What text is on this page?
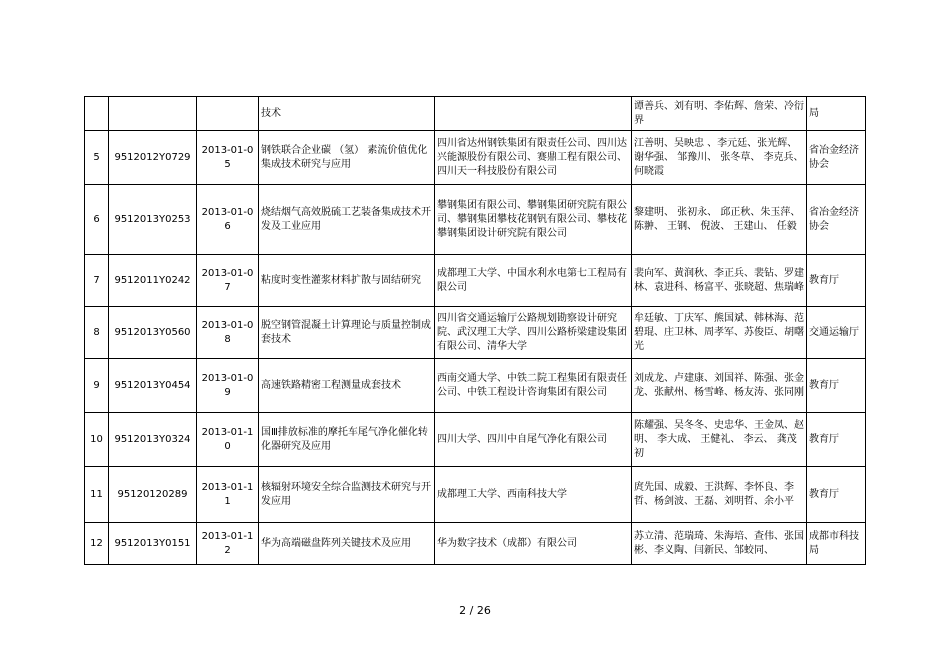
			技术		谭善兵、刘有明、李佑辉、詹荣、冷衍界	局
5	9512012Y0729	2013-01-05	钢铁联合企业碳 （氢） 素流价值优化集成技术研究与应用	四川省达州钢铁集团有限责任公司、四川达兴能源股份有限公司、赛鼎工程有限公司、四川天一科技股份有限公司	江善明、吴映忠 、李元廷、张光辉、谢华强、 邹豫川、 张冬草、 李克兵、何晓霞	省冶金经济协会
6	9512013Y0253	2013-01-06	烧结烟气高效脱硫工艺装备集成技术开发及工业应用	攀钢集团有限公司、攀钢集团研究院有限公司、攀钢集团攀枝花钢钒有限公司、攀枝花攀钢集团设计研究院有限公司	黎建明、 张初永、 邱正秋、朱玉萍、陈翀、 王钢、 倪波、 王建山、 任毅	省冶金经济协会
7	9512011Y0242	2013-01-07	粘度时变性灌浆材料扩散与固结研究	成都理工大学、中国水利水电第七工程局有限公司	裴向军、黄润秋、李正兵、裴钻、罗建林、袁进科、杨富平、张晓超、焦瑞峰	教育厅
8	9512013Y0560	2013-01-08	脱空钢管混凝土计算理论与质量控制成套技术	四川省交通运输厅公路规划勘察设计研究院、武汉理工大学、四川公路桥梁建设集团有限公司、清华大学	牟廷敏、丁庆军、熊国斌、韩林海、范碧琨、庄卫林、周孝军、苏俊臣、胡曙光	交通运输厅
9	9512013Y0454	2013-01-09	高速铁路精密工程测量成套技术	西南交通大学、中铁二院工程集团有限责任公司、中铁工程设计咨询集团有限公司	刘成龙、卢建康、刘国祥、陈强、张金龙、张献州、杨雪峰、杨友涛、张同刚	教育厅
10	9512013Y0324	2013-01-10	国Ⅲ排放标准的摩托车尾气净化催化转化器研究及应用	四川大学、四川中自尾气净化有限公司	陈耀强、吴冬冬、史忠华、王金凤、赵明、 李大成、 王健礼、 李云、 龚茂初	教育厅
11	95120120289	2013-01-11	核辐射环境安全综合监测技术研究与开发应用	成都理工大学、西南科技大学	庹先国、成毅、王洪辉、李怀良、李 哲、杨剑波、王磊、刘明哲、余小平	教育厅
12	9512013Y0151	2013-01-12	华为高端磁盘阵列关键技术及应用	华为数字技术（成都）有限公司	苏立清、范瑞琦、朱海培、查伟、张国彬、李义陶、闫新民、邹蛟同、	成都市科技局
2 / 26
